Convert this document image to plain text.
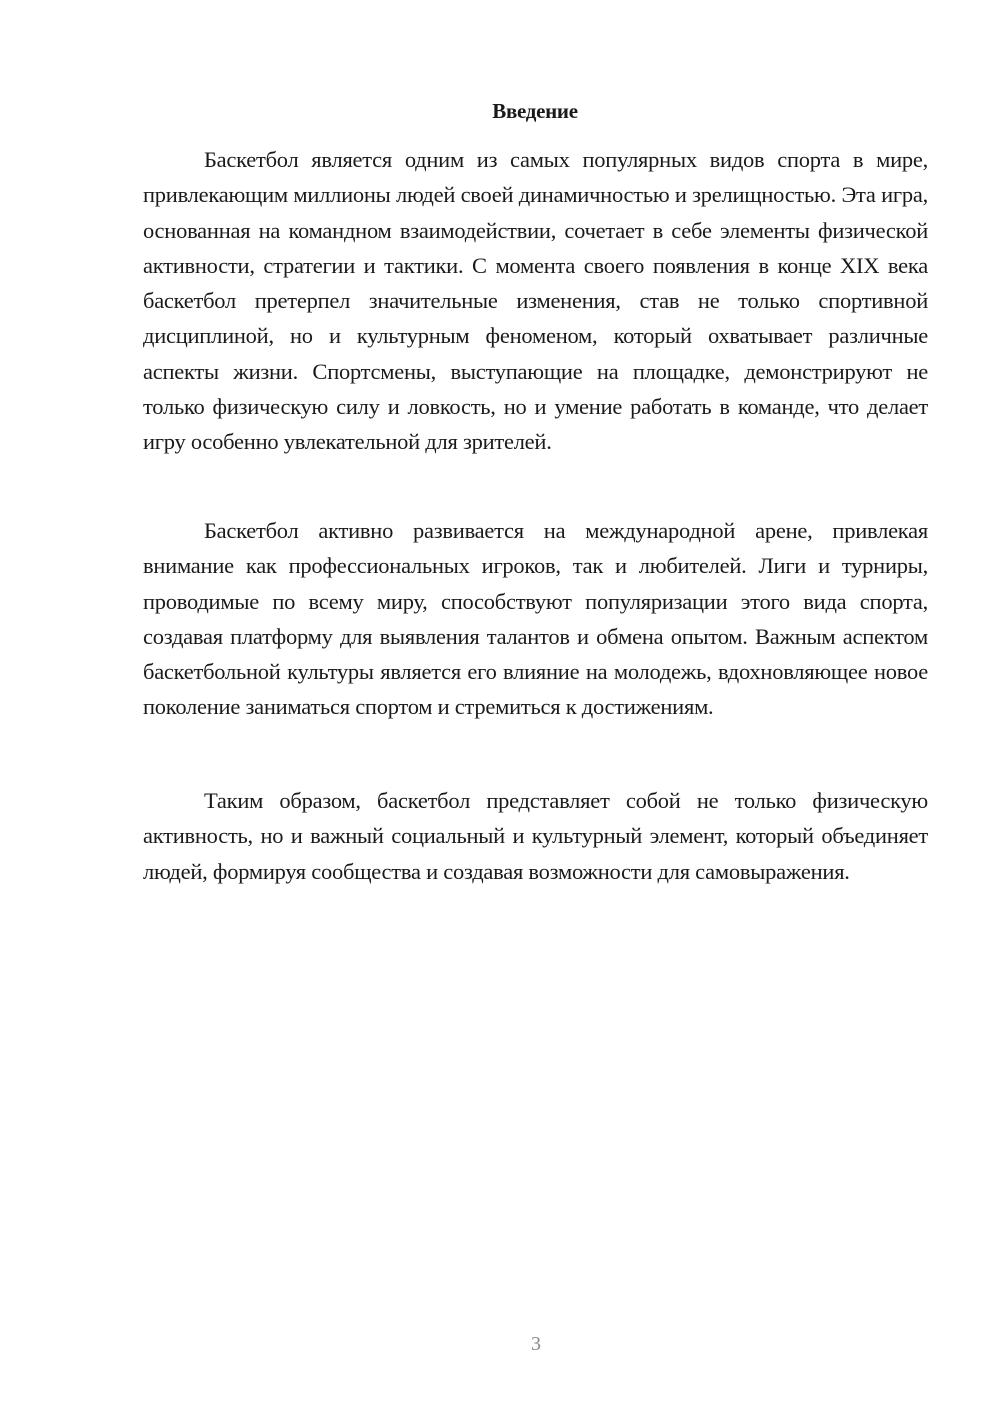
Введение

Баскетбол является одним из самых популярных видов спорта в мире, привлекающим миллионы людей своей динамичностью и зрелищностью. Эта игра, основанная на командном взаимодействии, сочетает в себе элементы физической активности, стратегии и тактики. С момента своего появления в конце XIX века баскетбол претерпел значительные изменения, став не только спортивной дисциплиной, но и культурным феноменом, который охватывает различные аспекты жизни. Спортсмены, выступающие на площадке, демонстрируют не только физическую силу и ловкость, но и умение работать в команде, что делает игру особенно увлекательной для зрителей.

Баскетбол активно развивается на международной арене, привлекая внимание как профессиональных игроков, так и любителей. Лиги и турниры, проводимые по всему миру, способствуют популяризации этого вида спорта, создавая платформу для выявления талантов и обмена опытом. Важным аспектом баскетбольной культуры является его влияние на молодежь, вдохновляющее новое поколение заниматься спортом и стремиться к достижениям.

Таким образом, баскетбол представляет собой не только физическую активность, но и важный социальный и культурный элемент, который объединяет людей, формируя сообщества и создавая возможности для самовыражения.

3
